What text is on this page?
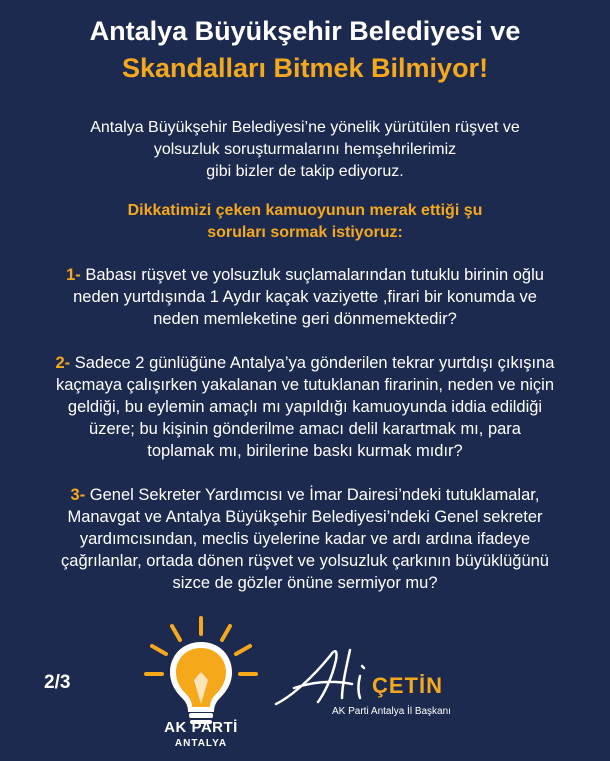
Antalya Büyükşehir Belediyesi ve
Skandalları Bitmek Bilmiyor!
Antalya Büyükşehir Belediyesi’ne yönelik yürütülen rüşvet ve
yolsuzluk soruşturmalarını hemşehrilerimiz
gibi bizler de takip ediyoruz.
Dikkatimizi çeken kamuoyunun merak ettiği şu
soruları sormak istiyoruz:
1- Babası rüşvet ve yolsuzluk suçlamalarından tutuklu birinin oğlu
neden yurtdışında 1 Aydır kaçak vaziyette ,firari bir konumda ve
neden memleketine geri dönmemektedir?
2- Sadece 2 günlüğüne Antalya’ya gönderilen tekrar yurtdışı çıkışına
kaçmaya çalışırken yakalanan ve tutuklanan firarinin, neden ve niçin
geldiği, bu eylemin amaçlı mı yapıldığı kamuoyunda iddia edildiği
üzere; bu kişinin gönderilme amacı delil karartmak mı, para
toplamak mı, birilerine baskı kurmak mıdır?
3- Genel Sekreter Yardımcısı ve İmar Dairesi’ndeki tutuklamalar,
Manavgat ve Antalya Büyükşehir Belediyesi’ndeki Genel sekreter
yardımcısından, meclis üyelerine kadar ve ardı ardına ifadeye
çağrılanlar, ortada dönen rüşvet ve yolsuzluk çarkının büyüklüğünü
sizce de gözler önüne sermiyor mu?
2/3
AK PARTİ
ANTALYA
ÇETİN
AK Parti Antalya İl Başkanı
